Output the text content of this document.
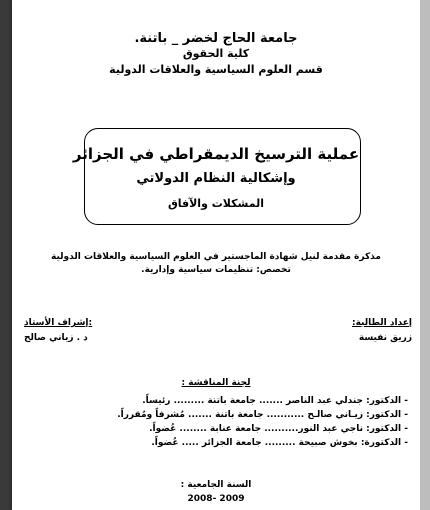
جامعة الحاج لخضر _ باتنة.
كلية الحقوق
قسم العلوم السياسية والعلاقات الدولية
عملية الترسيخ الديمقراطي في الجزائر
وإشكالية النظام الدولاتي
المشكلات والآفاق
مذكرة مقدمة لنيل شهادة الماجستير في العلوم السياسية والعلاقات الدولية
تخصص: تنظيمات سياسية وإدارية.
إعداد الطالبة:
زريق نفيسة
إشراف الأستاذ:
د . زياني صالح
لجنة المناقشة :
- الدكتور: جندلي عبد الناصر ....... جامعة باتنة ......... رئيساً.
- الدكتور: زيـاني صالـح ........... جامعة باتنة ....... مُشرفاً ومُقرراً.
- الدكتور: ناجي عبد النور.......... جامعة عنابة ........ عُضواً.
- الدكتورة: بخوش صبيحة ......... جامعة الجزائر ..... عُضواً.
السنة الجامعية :
2008- 2009
